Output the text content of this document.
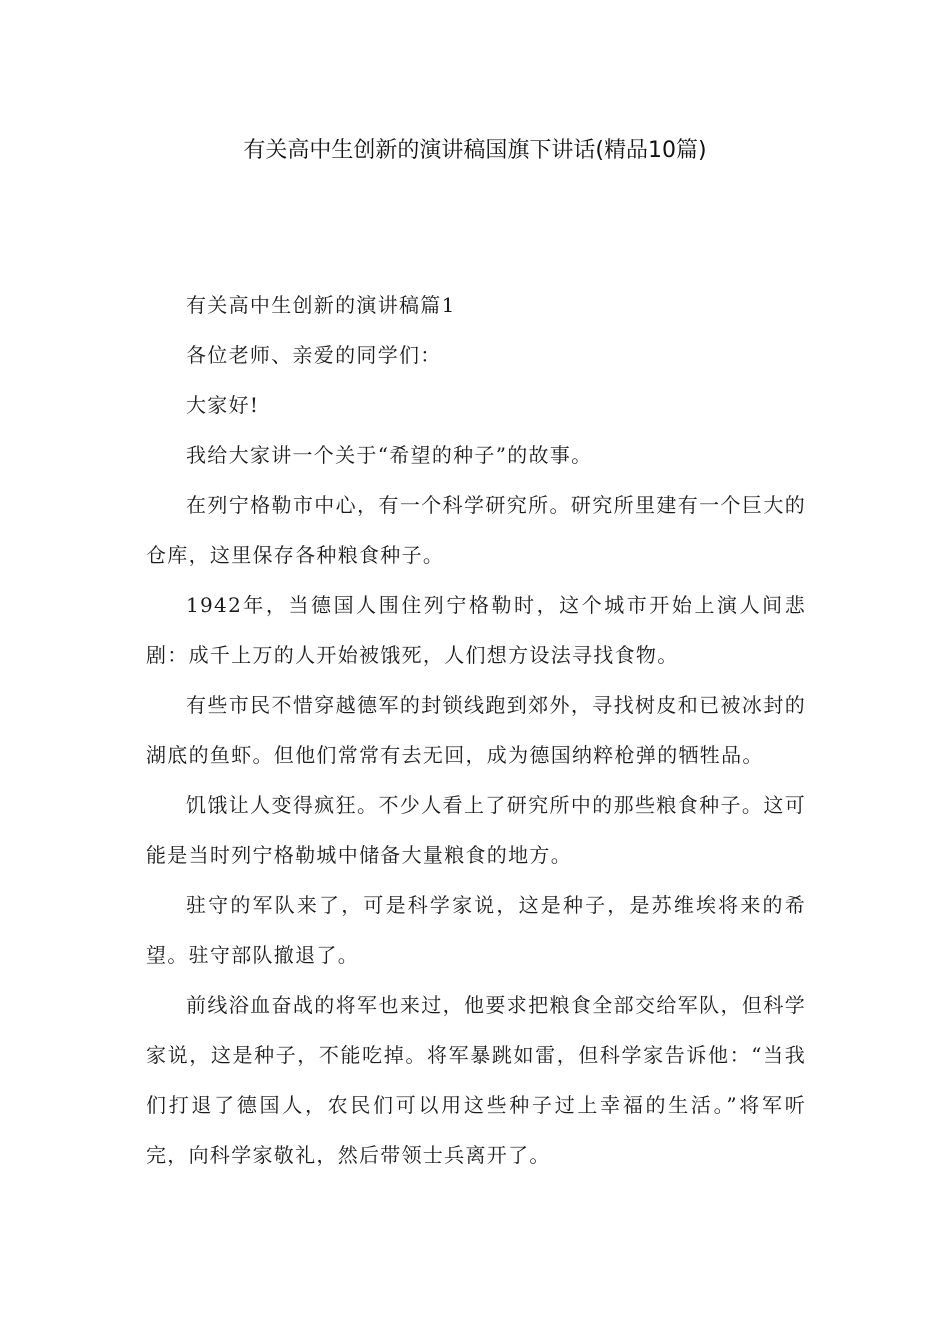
有关高中生创新的演讲稿国旗下讲话(精品10篇)

有关高中生创新的演讲稿篇1

各位老师、亲爱的同学们：

大家好!

我给大家讲一个关于“希望的种子”的故事。

在列宁格勒市中心，有一个科学研究所。研究所里建有一个巨大的仓库，这里保存各种粮食种子。

1942年，当德国人围住列宁格勒时，这个城市开始上演人间悲剧：成千上万的人开始被饿死，人们想方设法寻找食物。

有些市民不惜穿越德军的封锁线跑到郊外，寻找树皮和已被冰封的湖底的鱼虾。但他们常常有去无回，成为德国纳粹枪弹的牺牲品。

饥饿让人变得疯狂。不少人看上了研究所中的那些粮食种子。这可能是当时列宁格勒城中储备大量粮食的地方。

驻守的军队来了，可是科学家说，这是种子，是苏维埃将来的希望。驻守部队撤退了。

前线浴血奋战的将军也来过，他要求把粮食全部交给军队，但科学家说，这是种子，不能吃掉。将军暴跳如雷，但科学家告诉他：“当我们打退了德国人，农民们可以用这些种子过上幸福的生活。”将军听完，向科学家敬礼，然后带领士兵离开了。
